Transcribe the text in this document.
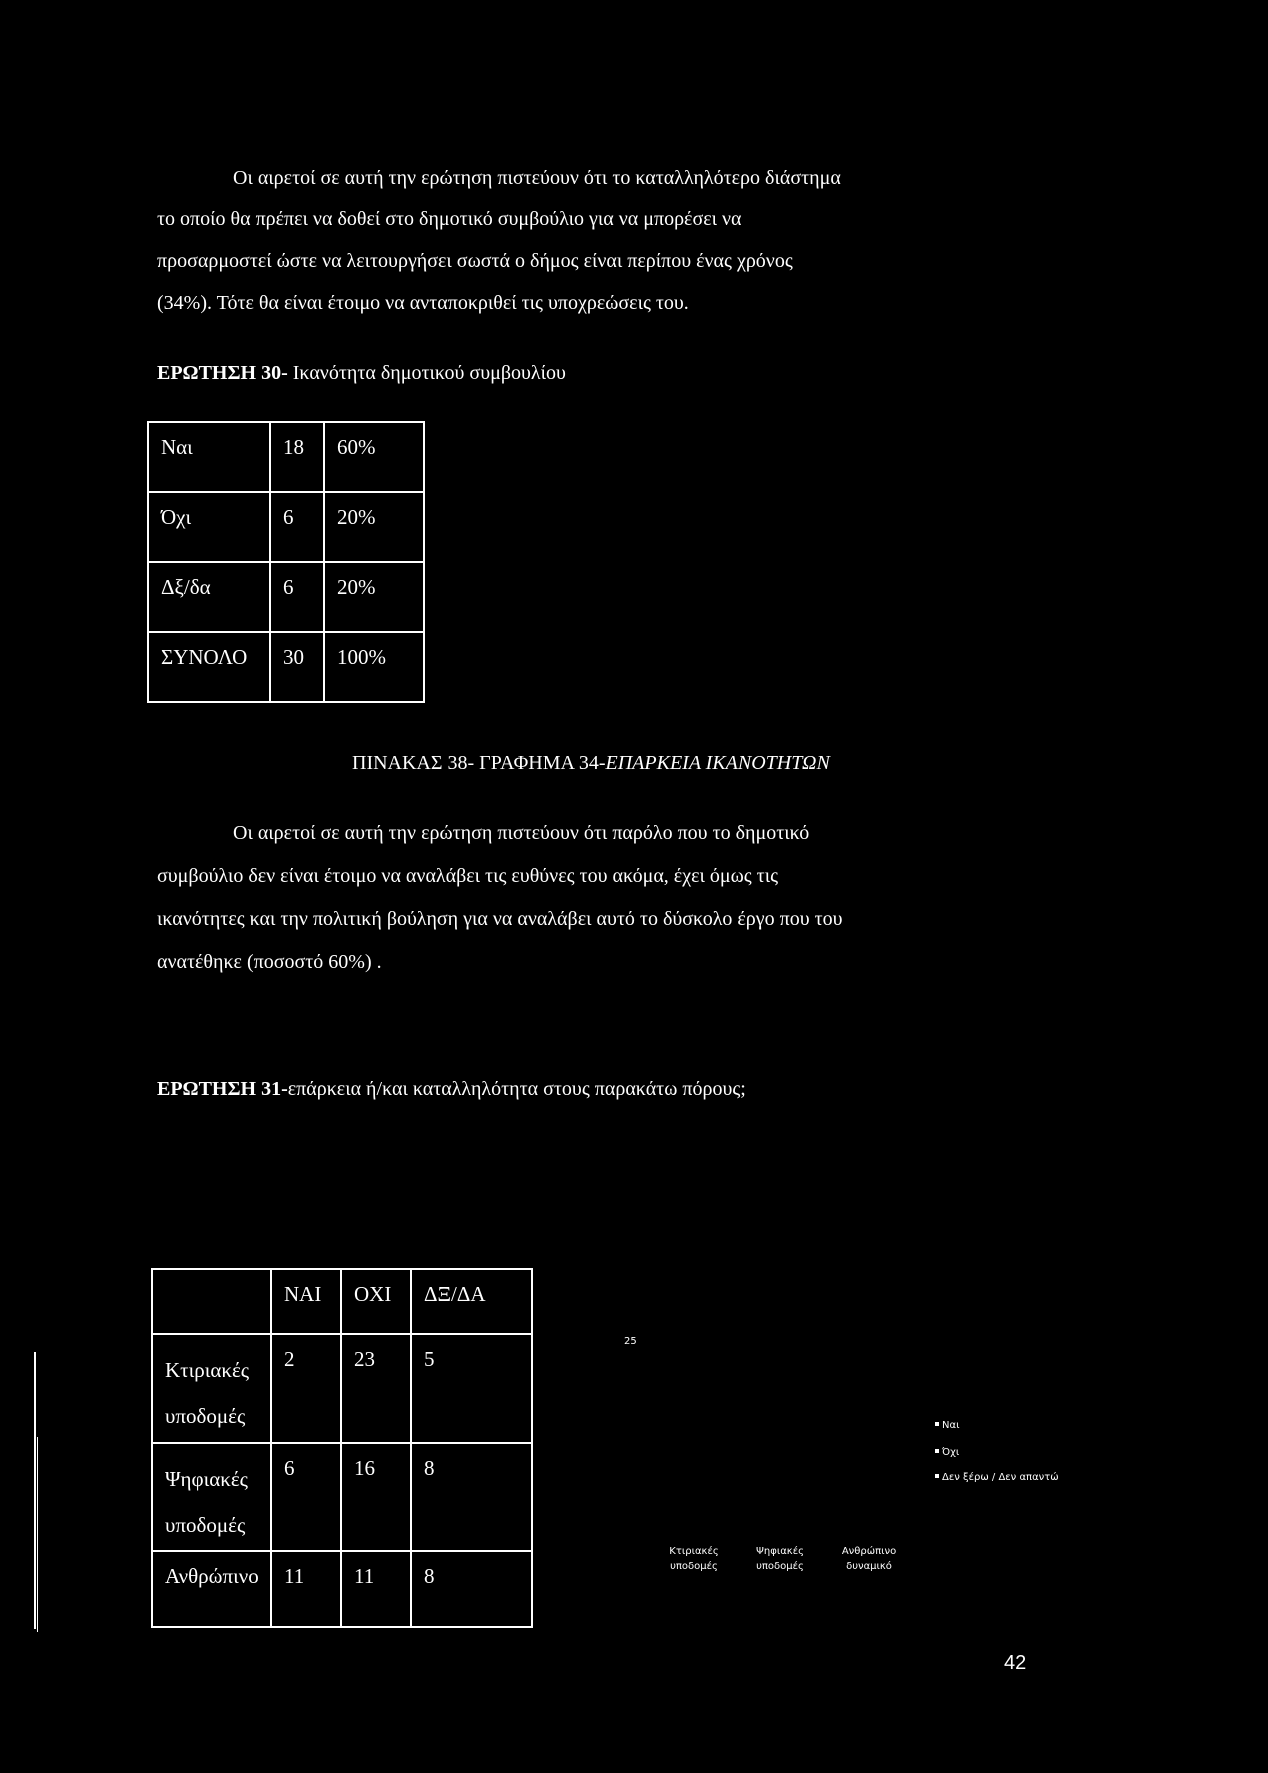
Οι αιρετοί σε αυτή την ερώτηση πιστεύουν ότι το καταλληλότερο διάστημα
το οποίο θα πρέπει να δοθεί στο δημοτικό συμβούλιο για να μπορέσει να
προσαρμοστεί ώστε να λειτουργήσει σωστά ο δήμος είναι περίπου ένας χρόνος
(34%). Τότε θα είναι έτοιμο να ανταποκριθεί τις υποχρεώσεις του.
ΕΡΩΤΗΣΗ 30- Ικανότητα δημοτικού συμβουλίου
Ναι	18	60%
Όχι	6	20%
Δξ/δα	6	20%
ΣΥΝΟΛΟ	30	100%
ΠΙΝΑΚΑΣ 38- ΓΡΑΦΗΜΑ 34-ΕΠΑΡΚΕΙΑ ΙΚΑΝΟΤΗΤΩΝ
Οι αιρετοί σε αυτή την ερώτηση πιστεύουν ότι παρόλο που το δημοτικό
συμβούλιο δεν είναι έτοιμο να αναλάβει τις ευθύνες του ακόμα, έχει όμως τις
ικανότητες και την πολιτική βούληση για να αναλάβει αυτό το δύσκολο έργο που του
ανατέθηκε (ποσοστό 60%) .
ΕΡΩΤΗΣΗ 31-επάρκεια ή/και καταλληλότητα στους παρακάτω πόρους;
	ΝΑΙ	ΟΧΙ	ΔΞ/ΔΑ

Κτιριακές
υποδομές	2	23	5

Ψηφιακές
υποδομές	6	16	8
Ανθρώπινο	11	11	8
25
Ναι
Όχι
Δεν ξέρω / Δεν απαντώ
Κτιριακές
υποδομές
Ψηφιακές
υποδομές
Ανθρώπινο
δυναμικό
42
